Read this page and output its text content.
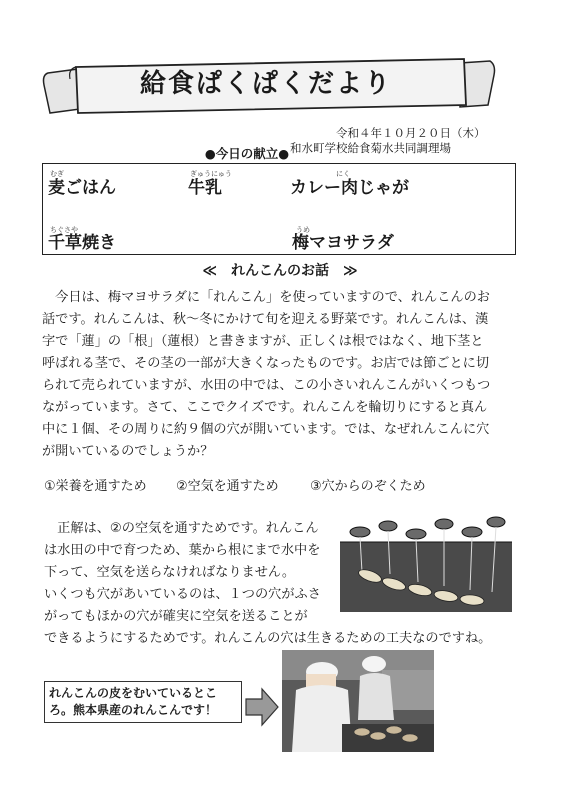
給食ぱくぱくだより
令和４年１０月２０日（木）
和水町学校給食菊水共同調理場
●今日の献立●
むぎ
麦ごはん
ぎゅうにゅう
牛乳
にく
カレー肉じゃが
ちぐさや
千草焼き
うめ
梅マヨサラダ
≪　れんこんのお話　≫
　今日は、梅マヨサラダに「れんこん」を使っていますので、れんこんのお
話です。れんこんは、秋〜冬にかけて旬を迎える野菜です。れんこんは、漢
字で「蓮」の「根」（蓮根）と書きますが、正しくは根ではなく、地下茎と
呼ばれる茎で、その茎の一部が大きくなったものです。お店では節ごとに切
られて売られていますが、水田の中では、この小さいれんこんがいくつもつ
ながっています。さて、ここでクイズです。れんこんを輪切りにすると真ん
中に１個、その周りに約９個の穴が開いています。では、なぜれんこんに穴
が開いているのでしょうか？
①栄養を通すため ②空気を通すため ③穴からのぞくため
　正解は、②の空気を通すためです。れんこん
は水田の中で育つため、葉から根にまで水中を
下って、空気を送らなければなりません。
いくつも穴があいているのは、１つの穴がふさ
がってもほかの穴が確実に空気を送ることが
できるようにするためです。れんこんの穴は生きるための工夫なのですね。
れんこんの皮をむいているとこ
ろ。熊本県産のれんこんです！
